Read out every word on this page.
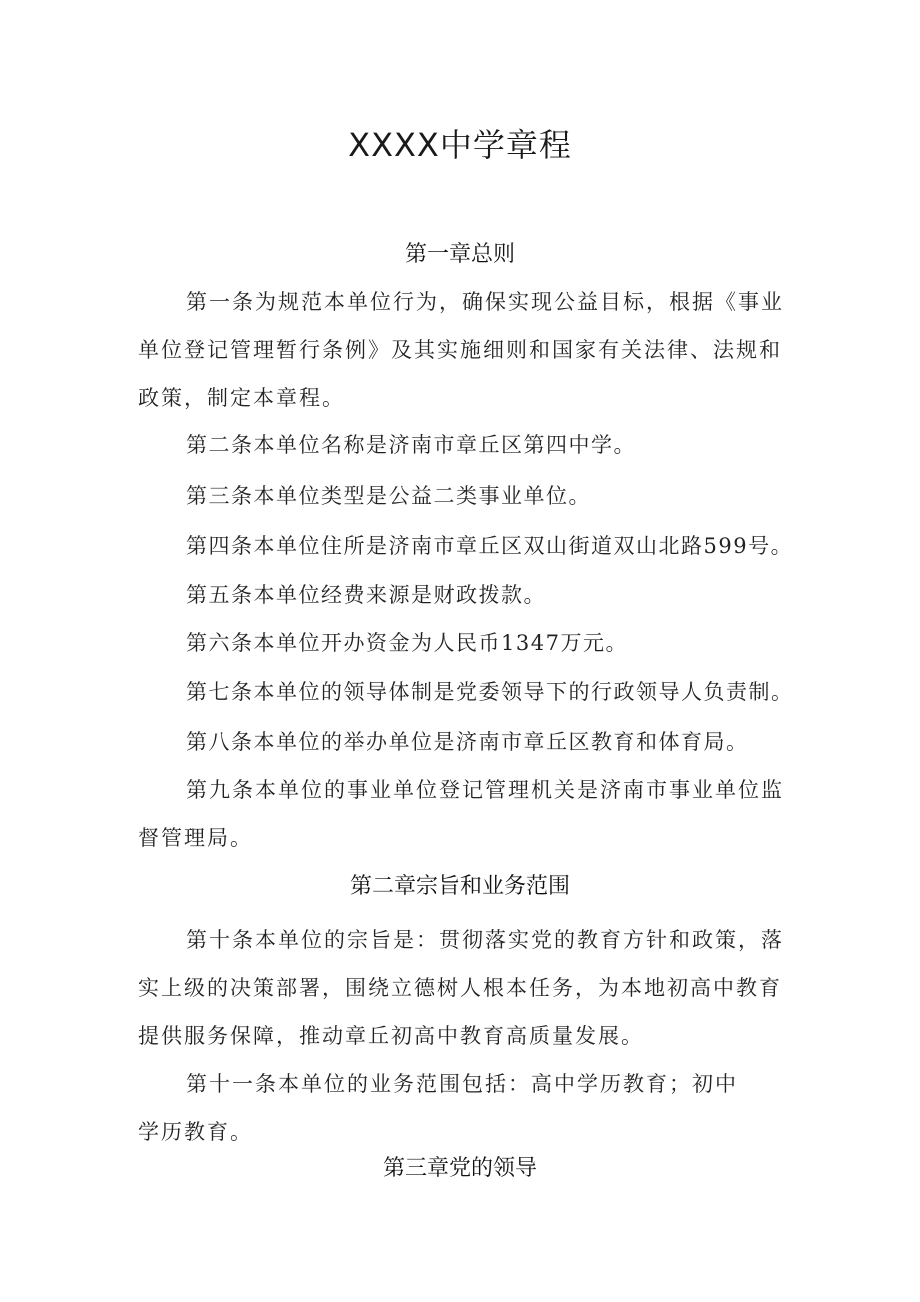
XXXX中学章程
第一章总则

第一条为规范本单位行为，确保实现公益目标，根据《事业单位登记管理暂行条例》及其实施细则和国家有关法律、法规和政策，制定本章程。

第二条本单位名称是济南市章丘区第四中学。

第三条本单位类型是公益二类事业单位。

第四条本单位住所是济南市章丘区双山街道双山北路599号。

第五条本单位经费来源是财政拨款。

第六条本单位开办资金为人民币1347万元。

第七条本单位的领导体制是党委领导下的行政领导人负责制。

第八条本单位的举办单位是济南市章丘区教育和体育局。

第九条本单位的事业单位登记管理机关是济南市事业单位监督管理局。

第二章宗旨和业务范围

第十条本单位的宗旨是：贯彻落实党的教育方针和政策，落实上级的决策部署，围绕立德树人根本任务，为本地初高中教育提供服务保障，推动章丘初高中教育高质量发展。

第十一条本单位的业务范围包括：高中学历教育；初中学历教育。

第三章党的领导
